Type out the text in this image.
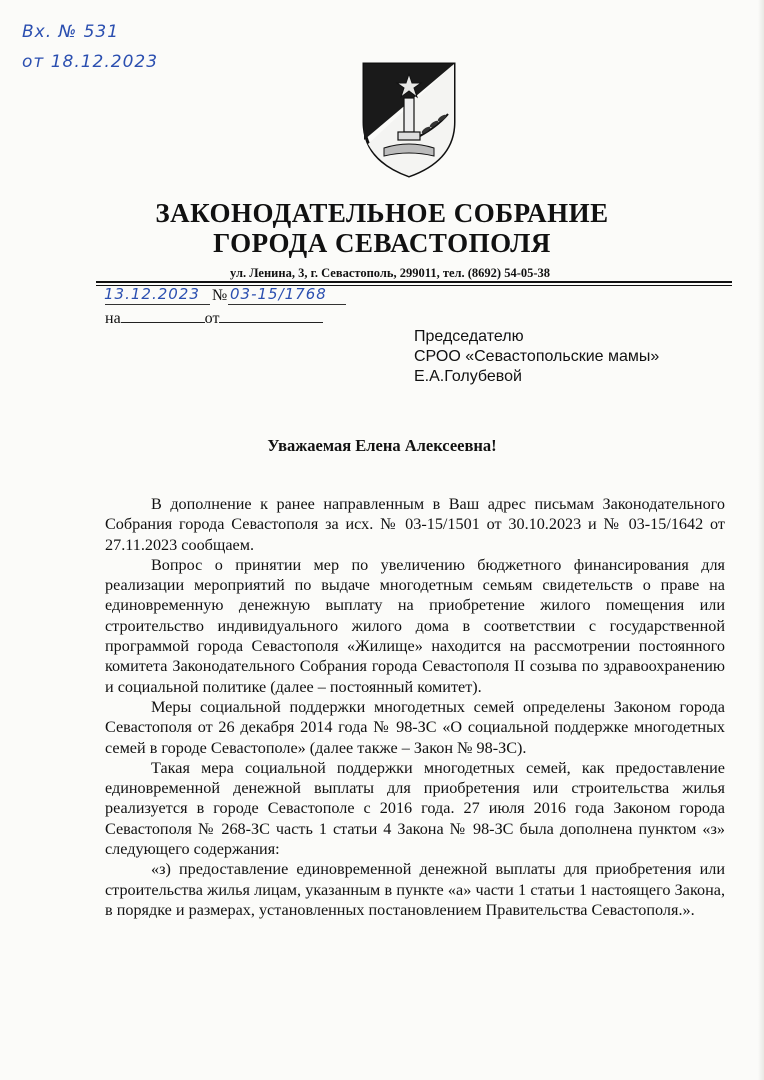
Вх. № 531
от 18.12.2023
ЗАКОНОДАТЕЛЬНОЕ СОБРАНИЕ
ГОРОДА СЕВАСТОПОЛЯ
ул. Ленина, 3, г. Севастополь, 299011, тел. (8692) 54-05-38
13.12.2023 № 03-15/1768
на	от
Председателю
СРОО «Севастопольские мамы»
Е.А.Голубевой
Уважаемая Елена Алексеевна!

В дополнение к ранее направленным в Ваш адрес письмам Законодательного Собрания города Севастополя за исх. № 03-15/1501 от 30.10.2023 и № 03-15/1642 от 27.11.2023 сообщаем.

Вопрос о принятии мер по увеличению бюджетного финансирования для реализации мероприятий по выдаче многодетным семьям свидетельств о праве на единовременную денежную выплату на приобретение жилого помещения или строительство индивидуального жилого дома в соответствии с государственной программой города Севастополя «Жилище» находится на рассмотрении постоянного комитета Законодательного Собрания города Севастополя II созыва по здравоохранению и социальной политике (далее – постоянный комитет).

Меры социальной поддержки многодетных семей определены Законом города Севастополя от 26 декабря 2014 года № 98-ЗС «О социальной поддержке многодетных семей в городе Севастополе» (далее также – Закон № 98-ЗС).

Такая мера социальной поддержки многодетных семей, как предоставление единовременной денежной выплаты для приобретения или строительства жилья реализуется в городе Севастополе с 2016 года. 27 июля 2016 года Законом города Севастополя № 268-ЗС часть 1 статьи 4 Закона № 98-ЗС была дополнена пунктом «з» следующего содержания:

«з) предоставление единовременной денежной выплаты для приобретения или строительства жилья лицам, указанным в пункте «а» части 1 статьи 1 настоящего Закона, в порядке и размерах, установленных постановлением Правительства Севастополя.».
